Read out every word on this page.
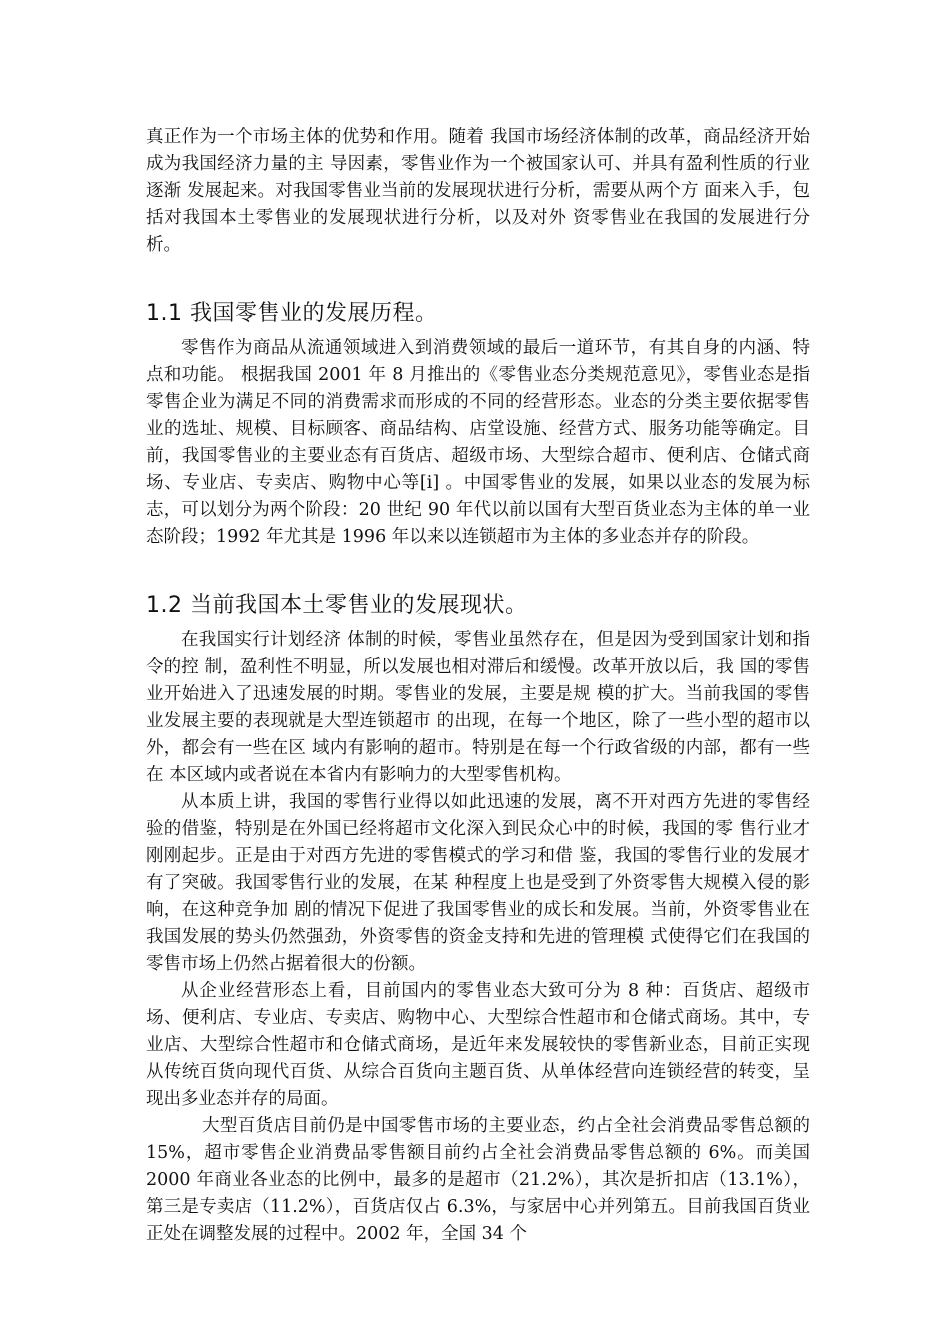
真正作为一个市场主体的优势和作用。随着 我国市场经济体制的改革，商品经济开始成为我国经济力量的主 导因素，零售业作为一个被国家认可、并具有盈利性质的行业逐渐 发展起来。对我国零售业当前的发展现状进行分析，需要从两个方 面来入手，包括对我国本土零售业的发展现状进行分析，以及对外 资零售业在我国的发展进行分析。

1.1 我国零售业的发展历程。

零售作为商品从流通领域进入到消费领域的最后一道环节，有其自身的内涵、特点和功能。 根据我国 2001 年 8 月推出的《零售业态分类规范意见》，零售业态是指零售企业为满足不同的消费需求而形成的不同的经营形态。业态的分类主要依据零售业的选址、规模、目标顾客、商品结构、店堂设施、经营方式、服务功能等确定。目前，我国零售业的主要业态有百货店、超级市场、大型综合超市、便利店、仓储式商场、专业店、专卖店、购物中心等[i] 。中国零售业的发展，如果以业态的发展为标志，可以划分为两个阶段：20 世纪 90 年代以前以国有大型百货业态为主体的单一业态阶段；1992 年尤其是 1996 年以来以连锁超市为主体的多业态并存的阶段。

1.2 当前我国本土零售业的发展现状。

在我国实行计划经济 体制的时候，零售业虽然存在，但是因为受到国家计划和指令的控 制，盈利性不明显，所以发展也相对滞后和缓慢。改革开放以后，我 国的零售业开始进入了迅速发展的时期。零售业的发展，主要是规 模的扩大。当前我国的零售业发展主要的表现就是大型连锁超市 的出现，在每一个地区，除了一些小型的超市以外，都会有一些在区 域内有影响的超市。特别是在每一个行政省级的内部，都有一些在 本区域内或者说在本省内有影响力的大型零售机构。

从本质上讲，我国的零售行业得以如此迅速的发展，离不开对西方先进的零售经验的借鉴，特别是在外国已经将超市文化深入到民众心中的时候，我国的零 售行业才刚刚起步。正是由于对西方先进的零售模式的学习和借 鉴，我国的零售行业的发展才有了突破。我国零售行业的发展，在某 种程度上也是受到了外资零售大规模入侵的影响，在这种竞争加 剧的情况下促进了我国零售业的成长和发展。当前，外资零售业在 我国发展的势头仍然强劲，外资零售的资金支持和先进的管理模 式使得它们在我国的零售市场上仍然占据着很大的份额。

从企业经营形态上看，目前国内的零售业态大致可分为 8 种：百货店、超级市场、便利店、专业店、专卖店、购物中心、大型综合性超市和仓储式商场。其中，专业店、大型综合性超市和仓储式商场，是近年来发展较快的零售新业态，目前正实现从传统百货向现代百货、从综合百货向主题百货、从单体经营向连锁经营的转变，呈现出多业态并存的局面。

大型百货店目前仍是中国零售市场的主要业态，约占全社会消费品零售总额的 15%，超市零售企业消费品零售额目前约占全社会消费品零售总额的 6%。而美国 2000 年商业各业态的比例中，最多的是超市（21.2%），其次是折扣店（13.1%），第三是专卖店（11.2%），百货店仅占 6.3%，与家居中心并列第五。目前我国百货业正处在调整发展的过程中。2002 年，全国 34 个
